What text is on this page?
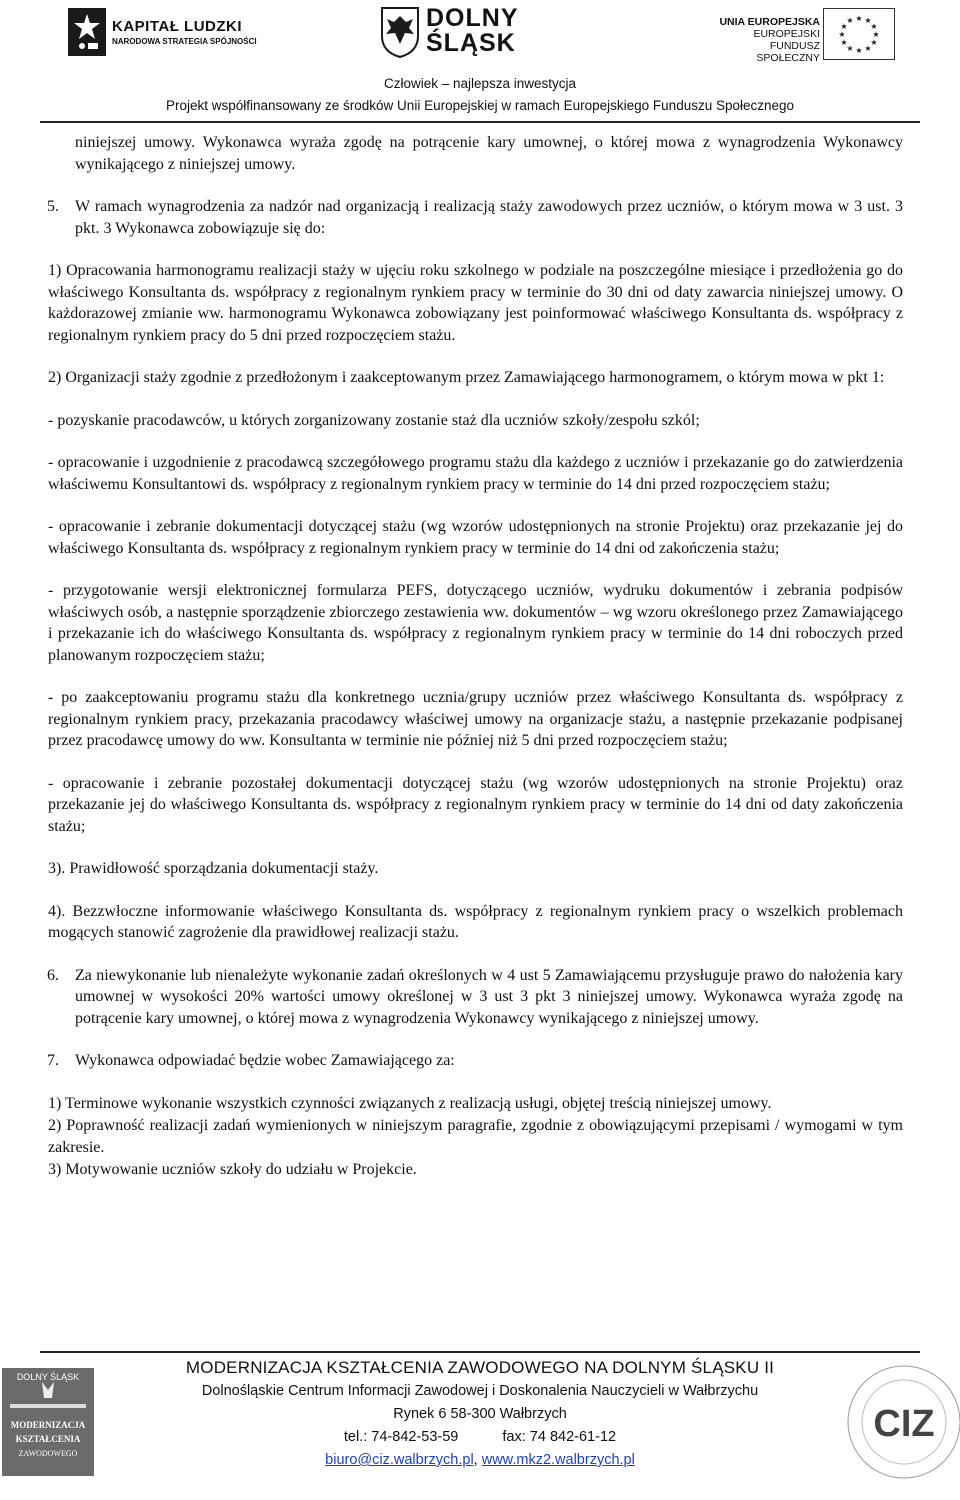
KAPITAŁ LUDZKI
NARODOWA STRATEGIA SPÓJNOŚCI
DOLNY
ŚLĄSK
UNIA EUROPEJSKA
EUROPEJSKI
FUNDUSZ SPOŁECZNY
★ ★
★
★
★
★
★
★
★
★
★
★
Człowiek – najlepsza inwestycja
Projekt współfinansowany ze środków Unii Europejskiej w ramach Europejskiego Funduszu Społecznego

niniejszej umowy. Wykonawca wyraża zgodę na potrącenie kary umownej, o której mowa z wynagrodzenia Wykonawcy wynikającego z niniejszej umowy.

5. W ramach wynagrodzenia za nadzór nad organizacją i realizacją staży zawodowych przez uczniów, o którym mowa w 3 ust. 3 pkt. 3 Wykonawca zobowiązuje się do:

1) Opracowania harmonogramu realizacji staży w ujęciu roku szkolnego w podziale na poszczególne miesiące i przedłożenia go do właściwego Konsultanta ds. współpracy z regionalnym rynkiem pracy w terminie do 30 dni od daty zawarcia niniejszej umowy. O każdorazowej zmianie ww. harmonogramu Wykonawca zobowiązany jest poinformować właściwego Konsultanta ds. współpracy z regionalnym rynkiem pracy do 5 dni przed rozpoczęciem stażu.

2) Organizacji staży zgodnie z przedłożonym i zaakceptowanym przez Zamawiającego harmonogramem, o którym mowa w pkt 1:

- pozyskanie pracodawców, u których zorganizowany zostanie staż dla uczniów szkoły/zespołu szkól;

- opracowanie i uzgodnienie z pracodawcą szczegółowego programu stażu dla każdego z uczniów i przekazanie go do zatwierdzenia właściwemu Konsultantowi ds. współpracy z regionalnym rynkiem pracy w terminie do 14 dni przed rozpoczęciem stażu;

- opracowanie i zebranie dokumentacji dotyczącej stażu (wg wzorów udostępnionych na stronie Projektu) oraz przekazanie jej do właściwego Konsultanta ds. współpracy z regionalnym rynkiem pracy w terminie do 14 dni od zakończenia stażu;

- przygotowanie wersji elektronicznej formularza PEFS, dotyczącego uczniów, wydruku dokumentów i zebrania podpisów właściwych osób, a następnie sporządzenie zbiorczego zestawienia ww. dokumentów – wg wzoru określonego przez Zamawiającego i przekazanie ich do właściwego Konsultanta ds. współpracy z regionalnym rynkiem pracy w terminie do 14 dni roboczych przed planowanym rozpoczęciem stażu;

- po zaakceptowaniu programu stażu dla konkretnego ucznia/grupy uczniów przez właściwego Konsultanta ds. współpracy z regionalnym rynkiem pracy, przekazania pracodawcy właściwej umowy na organizacje stażu, a następnie przekazanie podpisanej przez pracodawcę umowy do ww. Konsultanta w terminie nie później niż 5 dni przed rozpoczęciem stażu;

- opracowanie i zebranie pozostałej dokumentacji dotyczącej stażu (wg wzorów udostępnionych na stronie Projektu) oraz przekazanie jej do właściwego Konsultanta ds. współpracy z regionalnym rynkiem pracy w terminie do 14 dni od daty zakończenia stażu;

3). Prawidłowość sporządzania dokumentacji staży.

4). Bezzwłoczne informowanie właściwego Konsultanta ds. współpracy z regionalnym rynkiem pracy o wszelkich problemach mogących stanowić zagrożenie dla prawidłowej realizacji stażu.

6. Za niewykonanie lub nienależyte wykonanie zadań określonych w 4 ust 5 Zamawiającemu przysługuje prawo do nałożenia kary umownej w wysokości 20% wartości umowy określonej w 3 ust 3 pkt 3 niniejszej umowy. Wykonawca wyraża zgodę na potrącenie kary umownej, o której mowa z wynagrodzenia Wykonawcy wynikającego z niniejszej umowy.

7. Wykonawca odpowiadać będzie wobec Zamawiającego za:

1) Terminowe wykonanie wszystkich czynności związanych z realizacją usługi, objętej treścią niniejszej umowy.

2) Poprawność realizacji zadań wymienionych w niniejszym paragrafie, zgodnie z obowiązującymi przepisami / wymogami w tym zakresie.

3) Motywowanie uczniów szkoły do udziału w Projekcie.

DOLNY ŚLĄSK
MODERNIZACJA
KSZTAŁCENIA
ZAWODOWEGO
MODERNIZACJA KSZTAŁCENIA ZAWODOWEGO NA DOLNYM ŚLĄSKU II
Dolnośląskie Centrum Informacji Zawodowej i Doskonalenia Nauczycieli w Wałbrzychu
Rynek 6 58-300 Wałbrzych
tel.: 74-842-53-59	fax: 74 842-61-12
biuro@ciz.walbrzych.pl, www.mkz2.walbrzych.pl
CIZ
